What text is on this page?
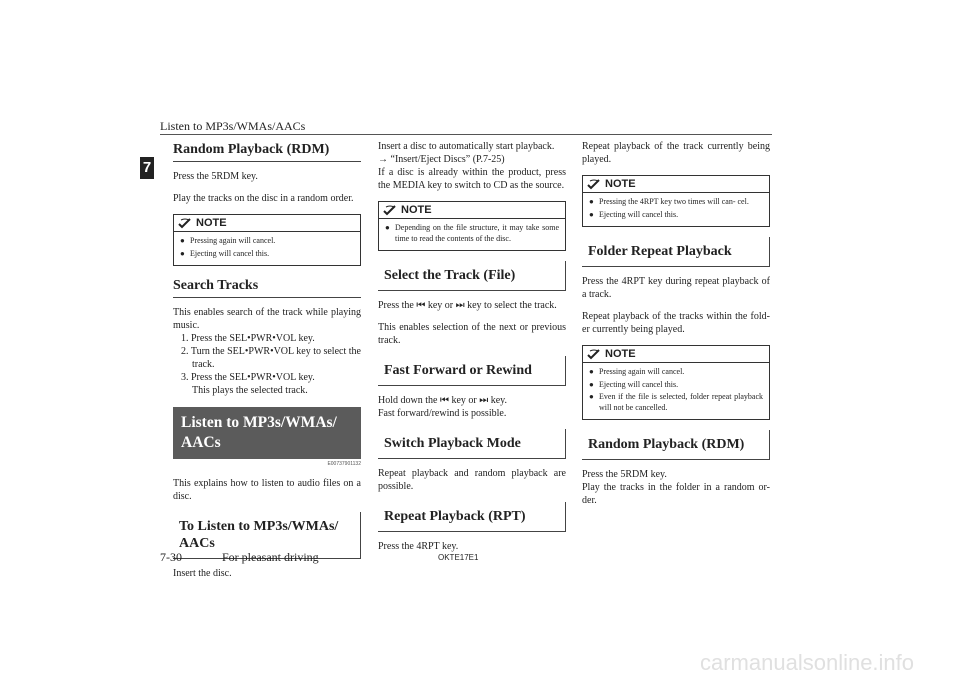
Listen to MP3s/WMAs/AACs
7
Random Playback (RDM)

Press the 5RDM key.

Play the tracks on the disc in a random order.

NOTE
● Pressing again will cancel.
● Ejecting will cancel this.
Search Tracks

This enables search of the track while playing music.

1. Press the SEL•PWR•VOL key.
2. Turn the SEL•PWR•VOL key to select the track.
3. Press the SEL•PWR•VOL key.
This plays the selected track.
Listen to MP3s/WMAs/ AACs
E00737901132

This explains how to listen to audio files on a disc.

To Listen to MP3s/WMAs/ AACs

Insert the disc.

Insert a disc to automatically start playback.

→ “Insert/Eject Discs” (P.7-25)

If a disc is already within the product, press the MEDIA key to switch to CD as the source.

NOTE
● Depending on the file structure, it may take some time to read the contents of the disc.
Select the Track (File)

Press the ⏮ key or ⏭ key to select the track.

This enables selection of the next or previous track.

Fast Forward or Rewind

Hold down the ⏮ key or ⏭ key.

Fast forward/rewind is possible.

Switch Playback Mode

Repeat playback and random playback are possible.

Repeat Playback (RPT)

Press the 4RPT key.

Repeat playback of the track currently being played.

NOTE
● Pressing the 4RPT key two times will can- cel.
● Ejecting will cancel this.
Folder Repeat Playback

Press the 4RPT key during repeat playback of a track.

Repeat playback of the tracks within the fold- er currently being played.

NOTE
● Pressing again will cancel.
● Ejecting will cancel this.
● Even if the file is selected, folder repeat playback will not be cancelled.
Random Playback (RDM)

Press the 5RDM key.

Play the tracks in the folder in a random or- der.

7-30	For pleasant driving	OKTE17E1
carmanualsonline.info
